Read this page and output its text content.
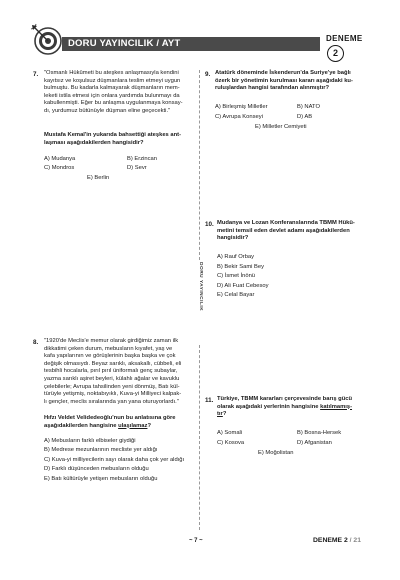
DORU YAYINCILIK / AYT	DENEME
2
DORU YAYINCILIK
7. "Osmanlı Hükûmeti bu ateşkes anlaşmasıyla kendini
kayıtsız ve koşulsuz düşmanlara teslim etmeyi uygun
bulmuştu. Bu kadarla kalmayarak düşmanların mem-
leketi istila etmesi için onlara yardımda bulunmayı da
kabullenmişti. Eğer bu anlaşma uygulanmaya konsay-
dı, yurdumuz bütünüyle düşman eline geçecekti."
Mustafa Kemal'in yukarıda bahsettiği ateşkes ant-
laşması aşağıdakilerden hangisidir?
A) Mudanya	B) Erzincan
C) Mondros	D) Sevr
E) Berlin
8. "1920'de Meclis'e memur olarak girdiğimiz zaman ilk
dikkatimi çeken durum, mebusların kıyafet, yaş ve
kafa yapılarının ve görüşlerinin başka başka ve çok
değişik olmasıydı. Beyaz sarıklı, aksakallı, cübbeli, eli
tesbihli hocalarla, pırıl pırıl üniformalı genç subaylar,
yazma sarıklı aşiret beyleri, külahlı ağalar ve kavuklu
çelebilerle; Avrupa tahsilinden yeni dönmüş, Batı kül-
türüyle yetişmiş, noktabıyıklı, Kuva-yi Milliyeci kalpak-
lı gençler, meclis sıralarında yan yana oturuyorlardı."
Hıfzı Veldet Velidedeoğlu'nun bu anlatısına göre
aşağıdakilerden hangisine ulaşılamaz?
A) Mebusların farklı elbiseler giydiği
B) Medrese mezunlarının mecliste yer aldığı
C) Kuva-yi milliyecilerin sayı olarak daha çok yer aldığı
D) Farklı düşünceden mebusların olduğu
E) Batı kültürüyle yetişen mebusların olduğu
9. Atatürk döneminde İskenderun'da Suriye'ye bağlı
özerk bir yönetimin kurulması kararı aşağıdaki ku-
ruluşlardan hangisi tarafından alınmıştır?
A) Birleşmiş Milletler	B) NATO
C) Avrupa Konseyi	D) AB
E) Milletler Cemiyeti
10. Mudanya ve Lozan Konferanslarında TBMM Hükü-
metini temsil eden devlet adamı aşağıdakilerden
hangisidir?
A) Rauf Orbay
B) Bekir Sami Bey
C) İsmet İnönü
D) Ali Fuat Cebesoy
E) Celal Bayar
11. Türkiye, TBMM kararları çerçevesinde barış gücü
olarak aşağıdaki yerlerinin hangisine katılmamış-
tır?
A) Somali	B) Bosna-Hersek
C) Kosova	D) Afganistan
E) Moğolistan
~ 7 ~	DENEME 2 / 21
